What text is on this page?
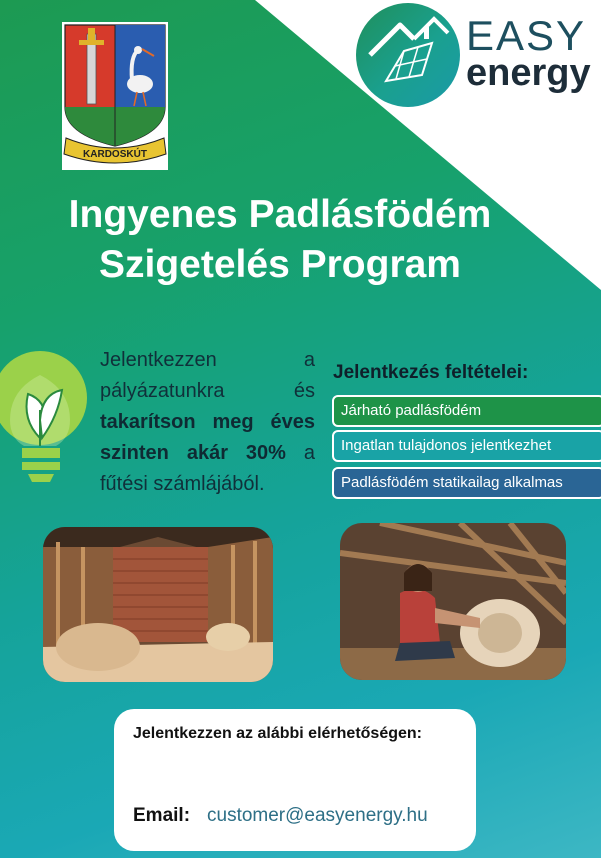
KARDOSKÚT
EASY
energy
Ingyenes Padlásfödém
Szigetelés Program
Jelentkezzen a pályázatunkra és takarítson meg éves szinten akár 30% a fűtési számlájából.
Jelentkezés feltételei:
Járható padlásfödém
Ingatlan tulajdonos jelentkezhet
Padlásfödém statikailag alkalmas
Jelentkezzen az alábbi elérhetőségen:
Email: customer@easyenergy.hu
